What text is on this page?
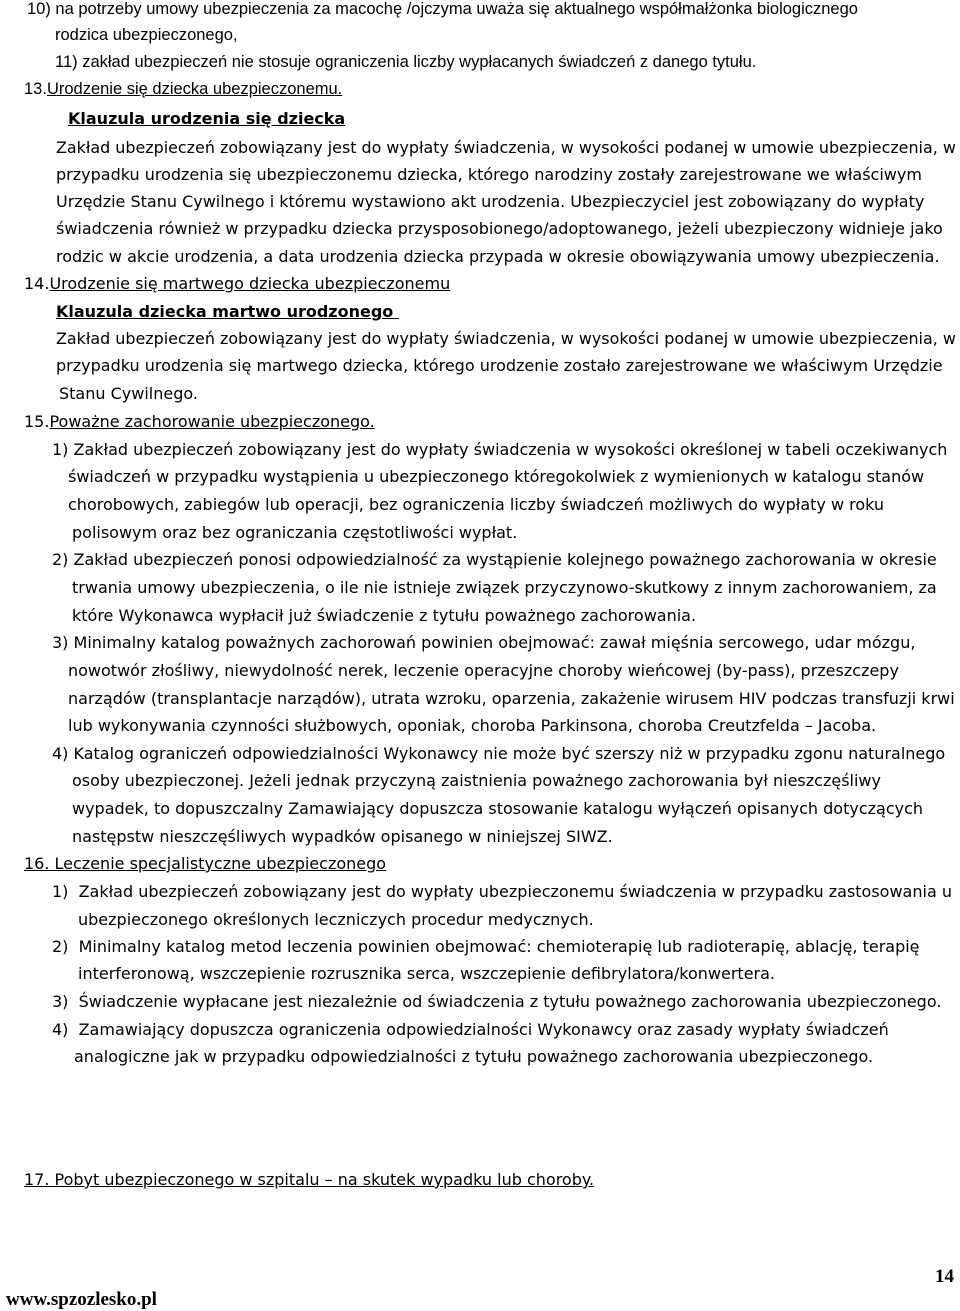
10) na potrzeby umowy ubezpieczenia za macochę /ojczyma uważa się aktualnego współmałżonka biologicznego
rodzica ubezpieczonego,
11) zakład ubezpieczeń nie stosuje ograniczenia liczby wypłacanych świadczeń z danego tytułu.
13.Urodzenie się dziecka ubezpieczonemu.
Klauzula urodzenia się dziecka
Zakład ubezpieczeń zobowiązany jest do wypłaty świadczenia, w wysokości podanej w umowie ubezpieczenia, w
przypadku urodzenia się ubezpieczonemu dziecka, którego narodziny zostały zarejestrowane we właściwym
Urzędzie Stanu Cywilnego i któremu wystawiono akt urodzenia. Ubezpieczyciel jest zobowiązany do wypłaty
świadczenia również w przypadku dziecka przysposobionego/adoptowanego, jeżeli ubezpieczony widnieje jako
rodzic w akcie urodzenia, a data urodzenia dziecka przypada w okresie obowiązywania umowy ubezpieczenia.
14.Urodzenie się martwego dziecka ubezpieczonemu
Klauzula dziecka martwo urodzonego
Zakład ubezpieczeń zobowiązany jest do wypłaty świadczenia, w wysokości podanej w umowie ubezpieczenia, w
przypadku urodzenia się martwego dziecka, którego urodzenie zostało zarejestrowane we właściwym Urzędzie
Stanu Cywilnego.
15.Poważne zachorowanie ubezpieczonego.
1) Zakład ubezpieczeń zobowiązany jest do wypłaty świadczenia w wysokości określonej w tabeli oczekiwanych
świadczeń w przypadku wystąpienia u ubezpieczonego któregokolwiek z wymienionych w katalogu stanów
chorobowych, zabiegów lub operacji, bez ograniczenia liczby świadczeń możliwych do wypłaty w roku
polisowym oraz bez ograniczania częstotliwości wypłat.
2) Zakład ubezpieczeń ponosi odpowiedzialność za wystąpienie kolejnego poważnego zachorowania w okresie
trwania umowy ubezpieczenia, o ile nie istnieje związek przyczynowo-skutkowy z innym zachorowaniem, za
które Wykonawca wypłacił już świadczenie z tytułu poważnego zachorowania.
3) Minimalny katalog poważnych zachorowań powinien obejmować: zawał mięśnia sercowego, udar mózgu,
nowotwór złośliwy, niewydolność nerek, leczenie operacyjne choroby wieńcowej (by-pass), przeszczepy
narządów (transplantacje narządów), utrata wzroku, oparzenia, zakażenie wirusem HIV podczas transfuzji krwi
lub wykonywania czynności służbowych, oponiak, choroba Parkinsona, choroba Creutzfelda – Jacoba.
4) Katalog ograniczeń odpowiedzialności Wykonawcy nie może być szerszy niż w przypadku zgonu naturalnego
osoby ubezpieczonej. Jeżeli jednak przyczyną zaistnienia poważnego zachorowania był nieszczęśliwy
wypadek, to dopuszczalny Zamawiający dopuszcza stosowanie katalogu wyłączeń opisanych dotyczących
następstw nieszczęśliwych wypadków opisanego w niniejszej SIWZ.
16. Leczenie specjalistyczne ubezpieczonego
1)  Zakład ubezpieczeń zobowiązany jest do wypłaty ubezpieczonemu świadczenia w przypadku zastosowania u
ubezpieczonego określonych leczniczych procedur medycznych.
2)  Minimalny katalog metod leczenia powinien obejmować: chemioterapię lub radioterapię, ablację, terapię
interferonową, wszczepienie rozrusznika serca, wszczepienie defibrylatora/konwertera.
3)  Świadczenie wypłacane jest niezależnie od świadczenia z tytułu poważnego zachorowania ubezpieczonego.
4)  Zamawiający dopuszcza ograniczenia odpowiedzialności Wykonawcy oraz zasady wypłaty świadczeń
analogiczne jak w przypadku odpowiedzialności z tytułu poważnego zachorowania ubezpieczonego.
17. Pobyt ubezpieczonego w szpitalu – na skutek wypadku lub choroby.
www.spzozlesko.pl
14
